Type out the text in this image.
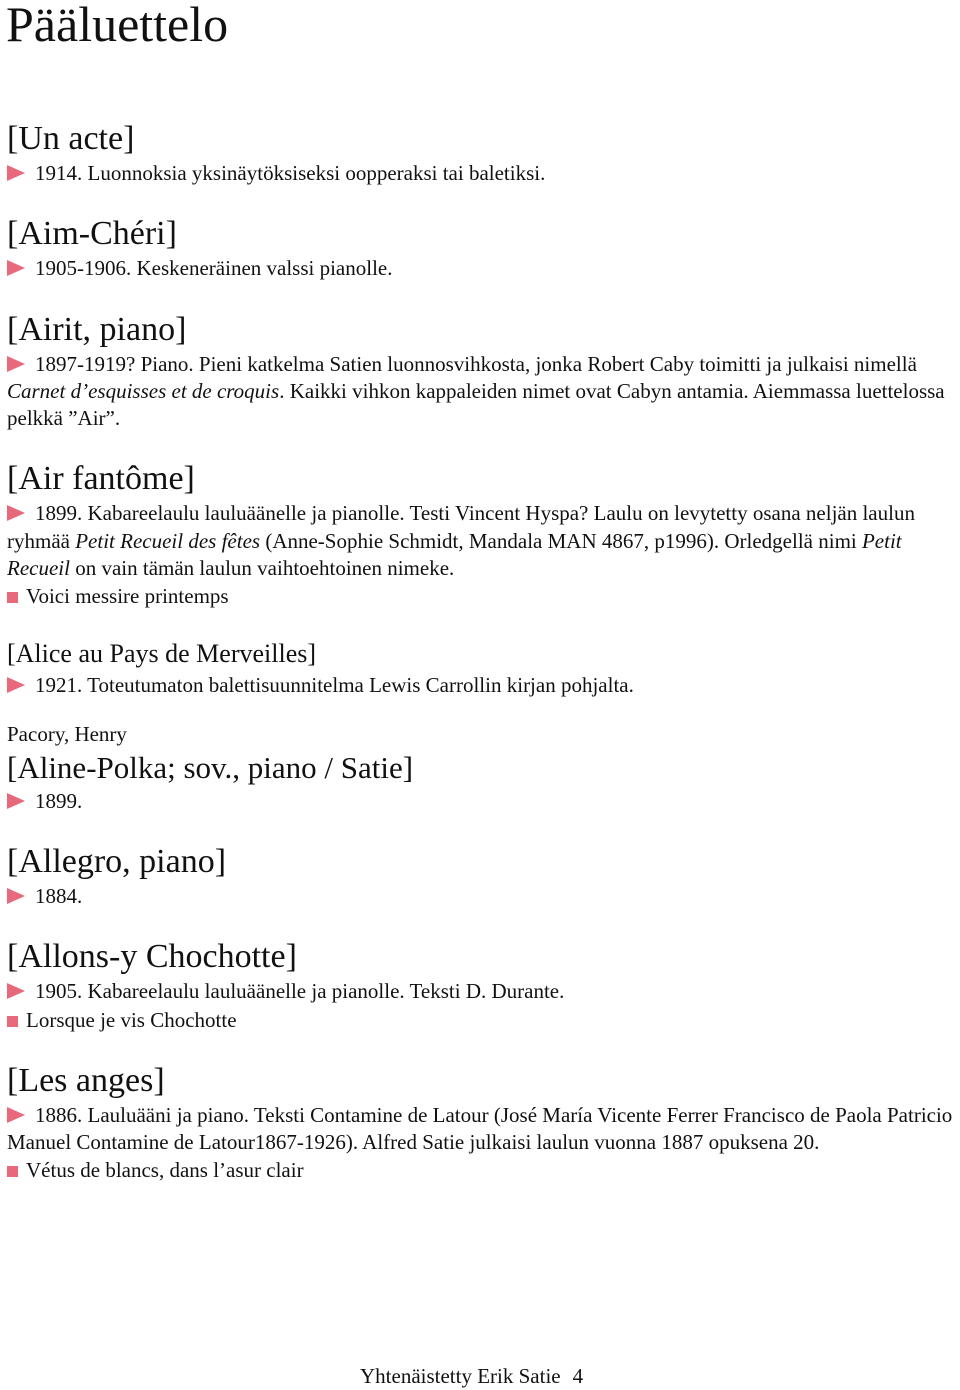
Pääluettelo
[Un acte]

1914. Luonnoksia yksinäytöksiseksi oopperaksi tai baletiksi.

[Aim-Chéri]

1905-1906. Keskeneräinen valssi pianolle.

[Airit, piano]

1897-1919? Piano. Pieni katkelma Satien luonnosvihkosta, jonka Robert Caby toimitti ja julkaisi nimellä Carnet d’esquisses et de croquis. Kaikki vihkon kappaleiden nimet ovat Cabyn antamia. Aiemmassa luettelossa pelkkä ”Air”.

[Air fantôme]

1899. Kabareelaulu lauluäänelle ja pianolle. Testi Vincent Hyspa? Laulu on levytetty osana neljän laulun ryhmää Petit Recueil des fêtes (Anne-Sophie Schmidt, Mandala MAN 4867, p1996). Orledgellä nimi Petit Recueil on vain tämän laulun vaihtoehtoinen nimeke.

Voici messire printemps

[Alice au Pays de Merveilles]

1921. Toteutumaton balettisuunnitelma Lewis Carrollin kirjan pohjalta.

Pacory, Henry

[Aline-Polka; sov., piano / Satie]

1899.

[Allegro, piano]

1884.

[Allons-y Chochotte]

1905. Kabareelaulu lauluäänelle ja pianolle. Teksti D. Durante.

Lorsque je vis Chochotte

[Les anges]

1886. Lauluääni ja piano. Teksti Contamine de Latour (José María Vicente Ferrer Francisco de Paola Patricio Manuel Contamine de Latour1867-1926). Alfred Satie julkaisi laulun vuonna 1887 opuksena 20.

Vétus de blancs, dans l’asur clair

Yhtenäistetty Erik Satie 4
